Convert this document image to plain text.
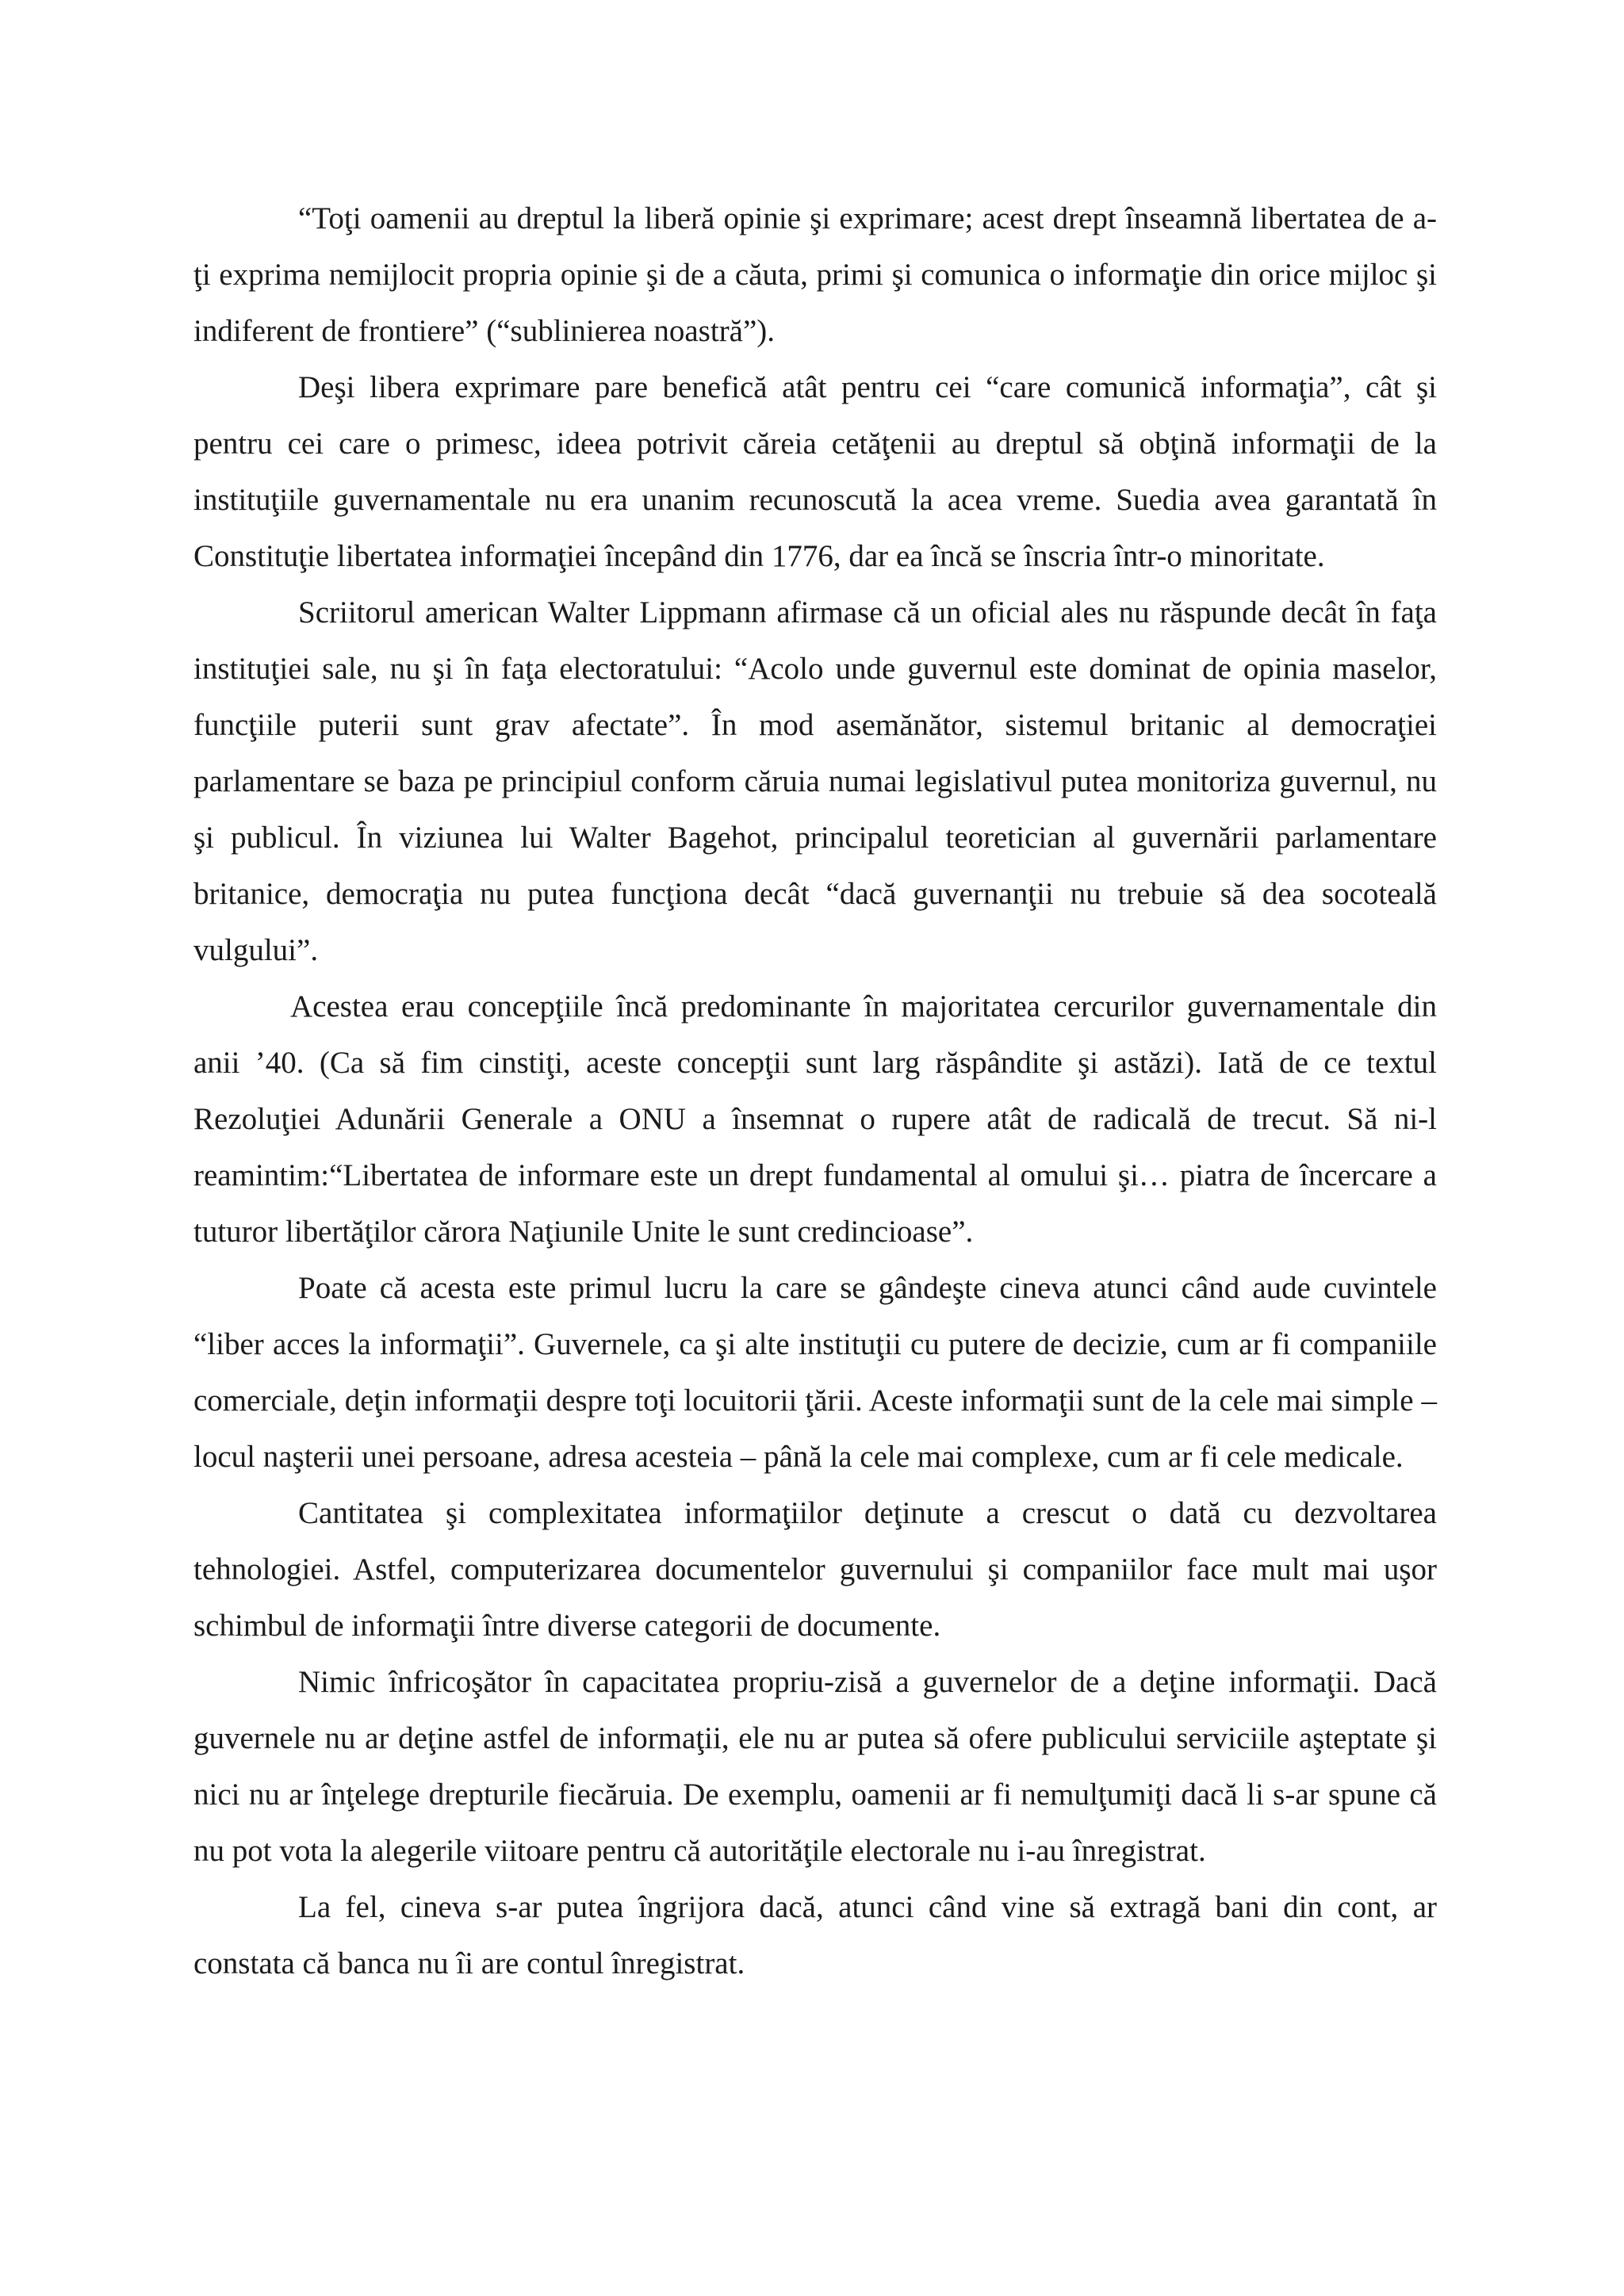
“Toţi oamenii au dreptul la liberă opinie şi exprimare; acest drept înseamnă libertatea de a-ţi exprima nemijlocit propria opinie şi de a căuta, primi şi comunica o informaţie din orice mijloc şi indiferent de frontiere” (“sublinierea noastră”).

Deşi libera exprimare pare benefică atât pentru cei “care comunică informaţia”, cât şi pentru cei care o primesc, ideea potrivit căreia cetăţenii au dreptul să obţină informaţii de la instituţiile guvernamentale nu era unanim recunoscută la acea vreme. Suedia avea garantată în Constituţie libertatea informaţiei începând din 1776, dar ea încă se înscria într-o minoritate.

Scriitorul american Walter Lippmann afirmase că un oficial ales nu răspunde decât în faţa instituţiei sale, nu şi în faţa electoratului: “Acolo unde guvernul este dominat de opinia maselor, funcţiile puterii sunt grav afectate”. În mod asemănător, sistemul britanic al democraţiei parlamentare se baza pe principiul conform căruia numai legislativul putea monitoriza guvernul, nu şi publicul. În viziunea lui Walter Bagehot, principalul teoretician al guvernării parlamentare britanice, democraţia nu putea funcţiona decât “dacă guvernanţii nu trebuie să dea socoteală vulgului”.

Acestea erau concepţiile încă predominante în majoritatea cercurilor guvernamentale din anii ’40. (Ca să fim cinstiţi, aceste concepţii sunt larg răspândite şi astăzi). Iată de ce textul Rezoluţiei Adunării Generale a ONU a însemnat o rupere atât de radicală de trecut. Să ni-l reamintim:“Libertatea de informare este un drept fundamental al omului şi… piatra de încercare a tuturor libertăţilor cărora Naţiunile Unite le sunt credincioase”.

Poate că acesta este primul lucru la care se gândeşte cineva atunci când aude cuvintele “liber acces la informaţii”. Guvernele, ca şi alte instituţii cu putere de decizie, cum ar fi companiile comerciale, deţin informaţii despre toţi locuitorii ţării. Aceste informaţii sunt de la cele mai simple – locul naşterii unei persoane, adresa acesteia – până la cele mai complexe, cum ar fi cele medicale.

Cantitatea şi complexitatea informaţiilor deţinute a crescut o dată cu dezvoltarea tehnologiei. Astfel, computerizarea documentelor guvernului şi companiilor face mult mai uşor schimbul de informaţii între diverse categorii de documente.

Nimic înfricoşător în capacitatea propriu-zisă a guvernelor de a deţine informaţii. Dacă guvernele nu ar deţine astfel de informaţii, ele nu ar putea să ofere publicului serviciile aşteptate şi nici nu ar înţelege drepturile fiecăruia. De exemplu, oamenii ar fi nemulţumiţi dacă li s-ar spune că nu pot vota la alegerile viitoare pentru că autorităţile electorale nu i-au înregistrat.

La fel, cineva s-ar putea îngrijora dacă, atunci când vine să extragă bani din cont, ar constata că banca nu îi are contul înregistrat.
